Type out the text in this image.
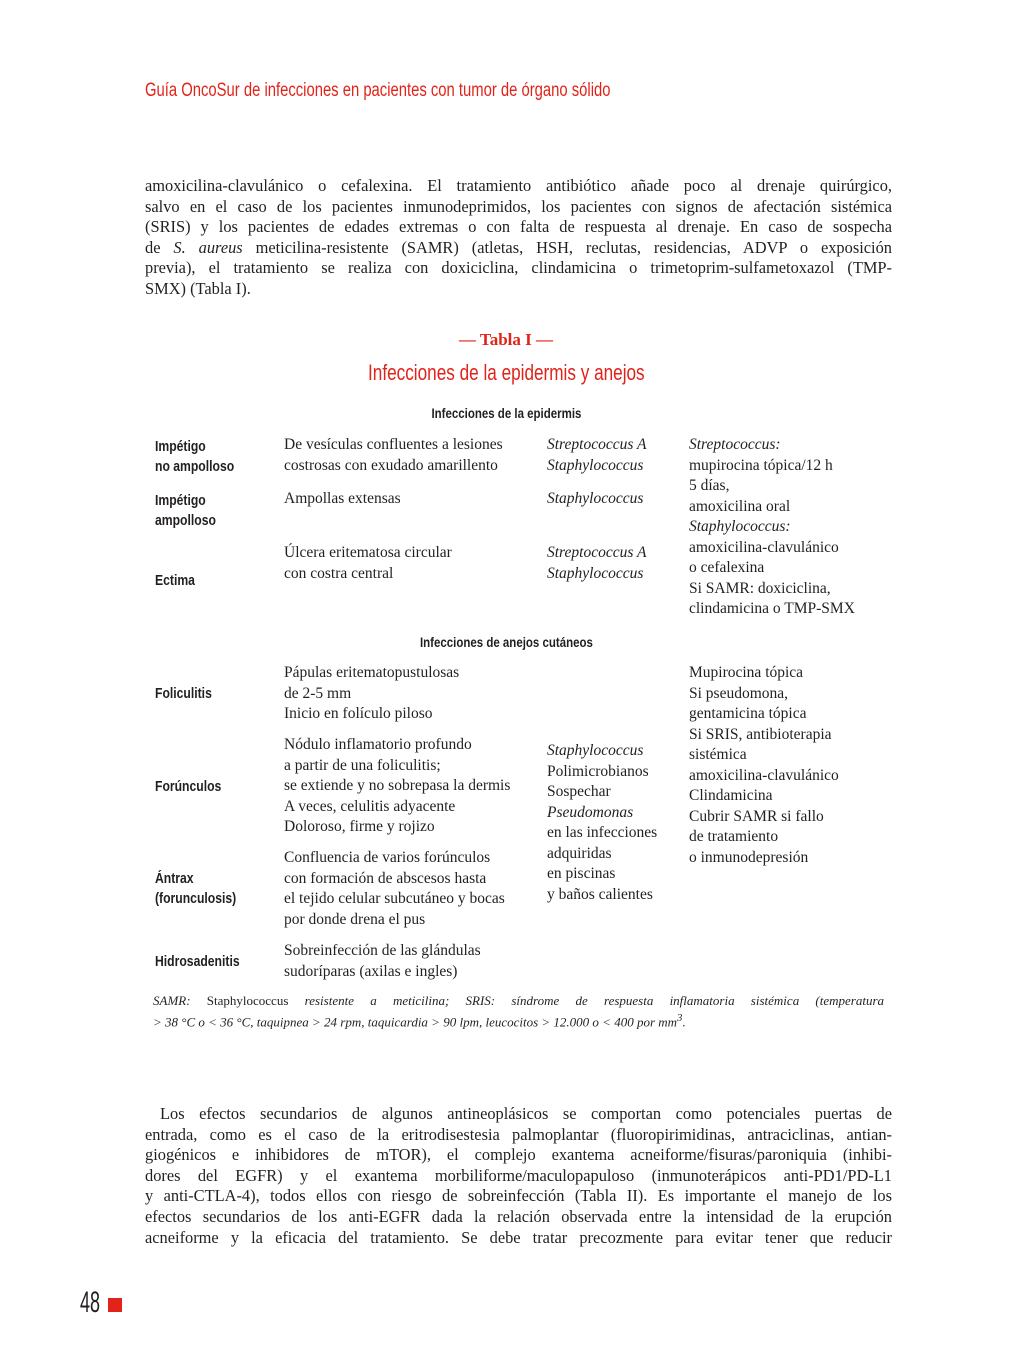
Guía OncoSur de infecciones en pacientes con tumor de órgano sólido
amoxicilina-clavulánico o cefalexina. El tratamiento antibiótico añade poco al drenaje quirúrgico,
salvo en el caso de los pacientes inmunodeprimidos, los pacientes con signos de afectación sistémica
(SRIS) y los pacientes de edades extremas o con falta de respuesta al drenaje. En caso de sospecha
de S. aureus meticilina-resistente (SAMR) (atletas, HSH, reclutas, residencias, ADVP o exposición
previa), el tratamiento se realiza con doxiciclina, clindamicina o trimetoprim-sulfametoxazol (TMP-
SMX) (Tabla I).
— Tabla I —
Infecciones de la epidermis y anejos
Infecciones de la epidermis
Impétigo
no ampolloso
De vesículas confluentes a lesiones
costrosas con exudado amarillento
Streptococcus A
Staphylococcus
Impétigo
ampolloso
Ampollas extensas	Staphylococcus
Ectima
Úlcera eritematosa circular
con costra central
Streptococcus A
Staphylococcus
Streptococcus:
mupirocina tópica/12 h
5 días,
amoxicilina oral
Staphylococcus:
amoxicilina-clavulánico
o cefalexina
Si SAMR: doxiciclina,
clindamicina o TMP-SMX
Infecciones de anejos cutáneos
Foliculitis
Pápulas eritematopustulosas
de 2-5 mm
Inicio en folículo piloso
Forúnculos
Nódulo inflamatorio profundo
a partir de una foliculitis;
se extiende y no sobrepasa la dermis
A veces, celulitis adyacente
Doloroso, firme y rojizo
Ántrax
(forunculosis)
Confluencia de varios forúnculos
con formación de abscesos hasta
el tejido celular subcutáneo y bocas
por donde drena el pus
Hidrosadenitis
Sobreinfección de las glándulas
sudoríparas (axilas e ingles)
Staphylococcus
Polimicrobianos
Sospechar
Pseudomonas
en las infecciones
adquiridas
en piscinas
y baños calientes
Mupirocina tópica
Si pseudomona,
gentamicina tópica
Si SRIS, antibioterapia
sistémica
amoxicilina-clavulánico
Clindamicina
Cubrir SAMR si fallo
de tratamiento
o inmunodepresión
SAMR: Staphylococcus resistente a meticilina; SRIS: síndrome de respuesta inflamatoria sistémica (temperatura
> 38 °C o < 36 °C, taquipnea > 24 rpm, taquicardia > 90 lpm, leucocitos > 12.000 o < 400 por $mm^3$.
Los efectos secundarios de algunos antineoplásicos se comportan como potenciales puertas de
entrada, como es el caso de la eritrodisestesia palmoplantar (fluoropirimidinas, antraciclinas, antian-
giogénicos e inhibidores de mTOR), el complejo exantema acneiforme/fisuras/paroniquia (inhibi-
dores del EGFR) y el exantema morbiliforme/maculopapuloso (inmunoterápicos anti-PD1/PD-L1
y anti-CTLA-4), todos ellos con riesgo de sobreinfección (Tabla II). Es importante el manejo de los
efectos secundarios de los anti-EGFR dada la relación observada entre la intensidad de la erupción
acneiforme y la eficacia del tratamiento. Se debe tratar precozmente para evitar tener que reducir
48
